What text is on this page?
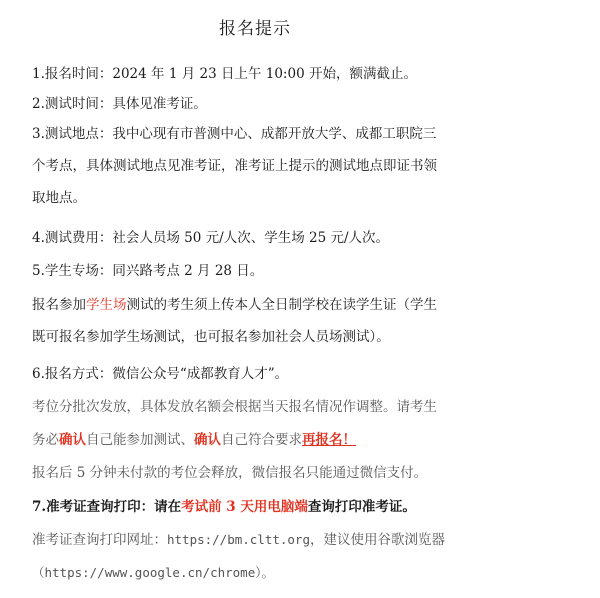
报名提示
1.报名时间：2024 年 1 月 23 日上午 10:00 开始，额满截止。
2.测试时间：具体见准考证。
3.测试地点：我中心现有市普测中心、成都开放大学、成都工职院三
个考点，具体测试地点见准考证，准考证上提示的测试地点即证书领
取地点。
4.测试费用：社会人员场 50 元/人次、学生场 25 元/人次。
5.学生专场：同兴路考点 2 月 28 日。
报名参加学生场测试的考生须上传本人全日制学校在读学生证（学生
既可报名参加学生场测试，也可报名参加社会人员场测试）。
6.报名方式：微信公众号“成都教育人才”。
考位分批次发放，具体发放名额会根据当天报名情况作调整。请考生
务必确认自己能参加测试、确认自己符合要求再报名！
报名后 5 分钟未付款的考位会释放，微信报名只能通过微信支付。
7.准考证查询打印：请在考试前 3 天用电脑端查询打印准考证。
准考证查询打印网址：https://bm.cltt.org，建议使用谷歌浏览器
（https://www.google.cn/chrome）。
